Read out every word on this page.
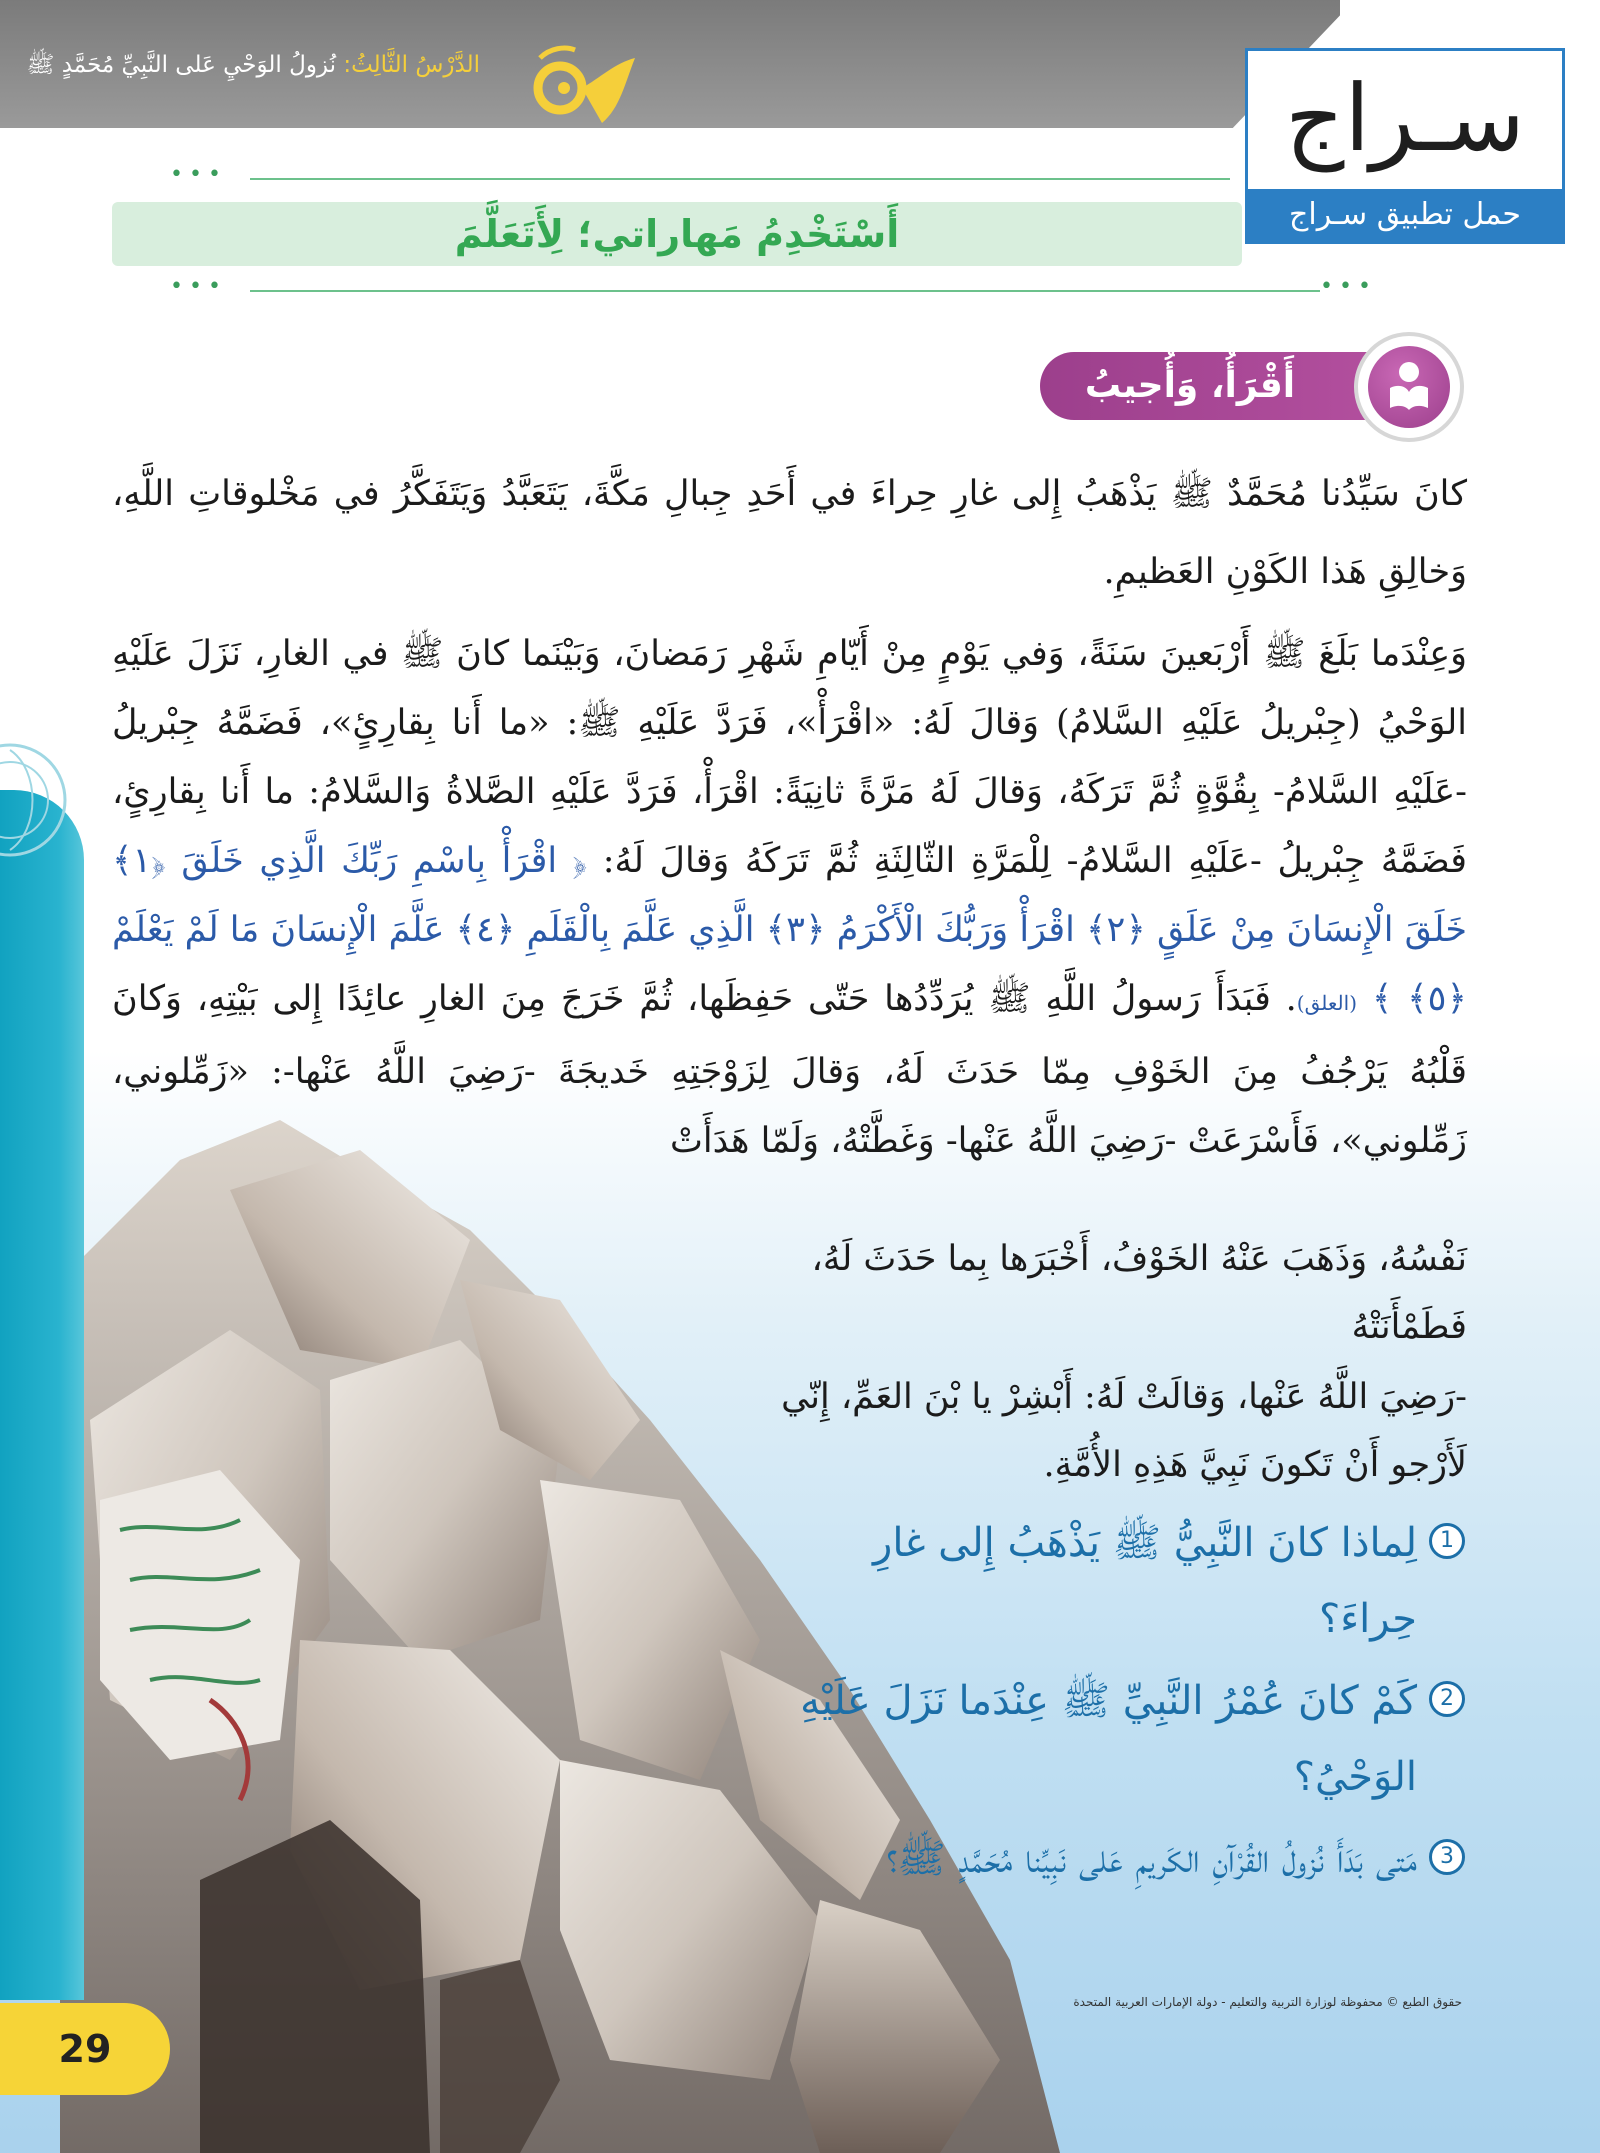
الدَّرْسُ الثَّالِثُ: نُزولُ الوَحْيِ عَلى النَّبِيِّ مُحَمَّدٍ ﷺ	سـراج
حمل تطبيق سـراج
•••
أَسْتَخْدِمُ مَهاراتي؛ لِأَتَعَلَّمَ
•••	•••
أَقْرَأُ، وَأُجيبُ

كانَ سَيِّدُنا مُحَمَّدٌ ﷺ يَذْهَبُ إِلى غارِ حِراءَ في أَحَدِ جِبالِ مَكَّةَ، يَتَعَبَّدُ وَيَتَفَكَّرُ في مَخْلوقاتِ اللَّهِ، وَخالِقِ هَذا الكَوْنِ العَظيمِ.

وَعِنْدَما بَلَغَ ﷺ أَرْبَعينَ سَنَةً، وَفي يَوْمٍ مِنْ أَيّامِ شَهْرِ رَمَضانَ، وَبَيْنَما كانَ ﷺ في الغارِ، نَزَلَ عَلَيْهِ الوَحْيُ (جِبْريلُ عَلَيْهِ السَّلامُ) وَقالَ لَهُ: «اقْرَأْ»، فَرَدَّ عَلَيْهِ ﷺ: «ما أَنا بِقارِئٍ»، فَضَمَّهُ جِبْريلُ -عَلَيْهِ السَّلامُ- بِقُوَّةٍ ثُمَّ تَرَكَهُ، وَقالَ لَهُ مَرَّةً ثانِيَةً: اقْرَأْ، فَرَدَّ عَلَيْهِ الصَّلاةُ وَالسَّلامُ: ما أَنا بِقارِئٍ، فَضَمَّهُ جِبْريلُ -عَلَيْهِ السَّلامُ- لِلْمَرَّةِ الثّالِثَةِ ثُمَّ تَرَكَهُ وَقالَ لَهُ: ﴿ اقْرَأْ بِاسْمِ رَبِّكَ الَّذِي خَلَقَ ﴿١﴾ خَلَقَ الْإِنسَانَ مِنْ عَلَقٍ ﴿٢﴾ اقْرَأْ وَرَبُّكَ الْأَكْرَمُ ﴿٣﴾ الَّذِي عَلَّمَ بِالْقَلَمِ ﴿٤﴾ عَلَّمَ الْإِنسَانَ مَا لَمْ يَعْلَمْ ﴿٥﴾ ﴾ (العلق). فَبَدَأَ رَسولُ اللَّهِ ﷺ يُرَدِّدُها حَتّى حَفِظَها، ثُمَّ خَرَجَ مِنَ الغارِ عائِدًا إِلى بَيْتِهِ، وَكانَ قَلْبُهُ يَرْجُفُ مِنَ الخَوْفِ مِمّا حَدَثَ لَهُ، وَقالَ لِزَوْجَتِهِ خَديجَةَ -رَضِيَ اللَّهُ عَنْها-: «زَمِّلوني، زَمِّلوني»، فَأَسْرَعَتْ -رَضِيَ اللَّهُ عَنْها- وَغَطَّتْهُ، وَلَمّا هَدَأَتْ

نَفْسُهُ، وَذَهَبَ عَنْهُ الخَوْفُ، أَخْبَرَها بِما حَدَثَ لَهُ، فَطَمْأَنَتْهُ

-رَضِيَ اللَّهُ عَنْها، وَقالَتْ لَهُ: أَبْشِرْ يا بْنَ العَمِّ، إِنّي

لَأَرْجو أَنْ تَكونَ نَبِيَّ هَذِهِ الأُمَّةِ.

1
لِماذا كانَ النَّبِيُّ ﷺ يَذْهَبُ إِلى غارِ حِراءَ؟
2
كَمْ كانَ عُمْرُ النَّبِيِّ ﷺ عِنْدَما نَزَلَ عَلَيْهِ الوَحْيُ؟
3
مَتى بَدَأَ نُزولُ القُرْآنِ الكَريمِ عَلى نَبِيِّنا مُحَمَّدٍ ﷺ؟
حقوق الطبع © محفوظة لوزارة التربية والتعليم - دولة الإمارات العربية المتحدة
29
